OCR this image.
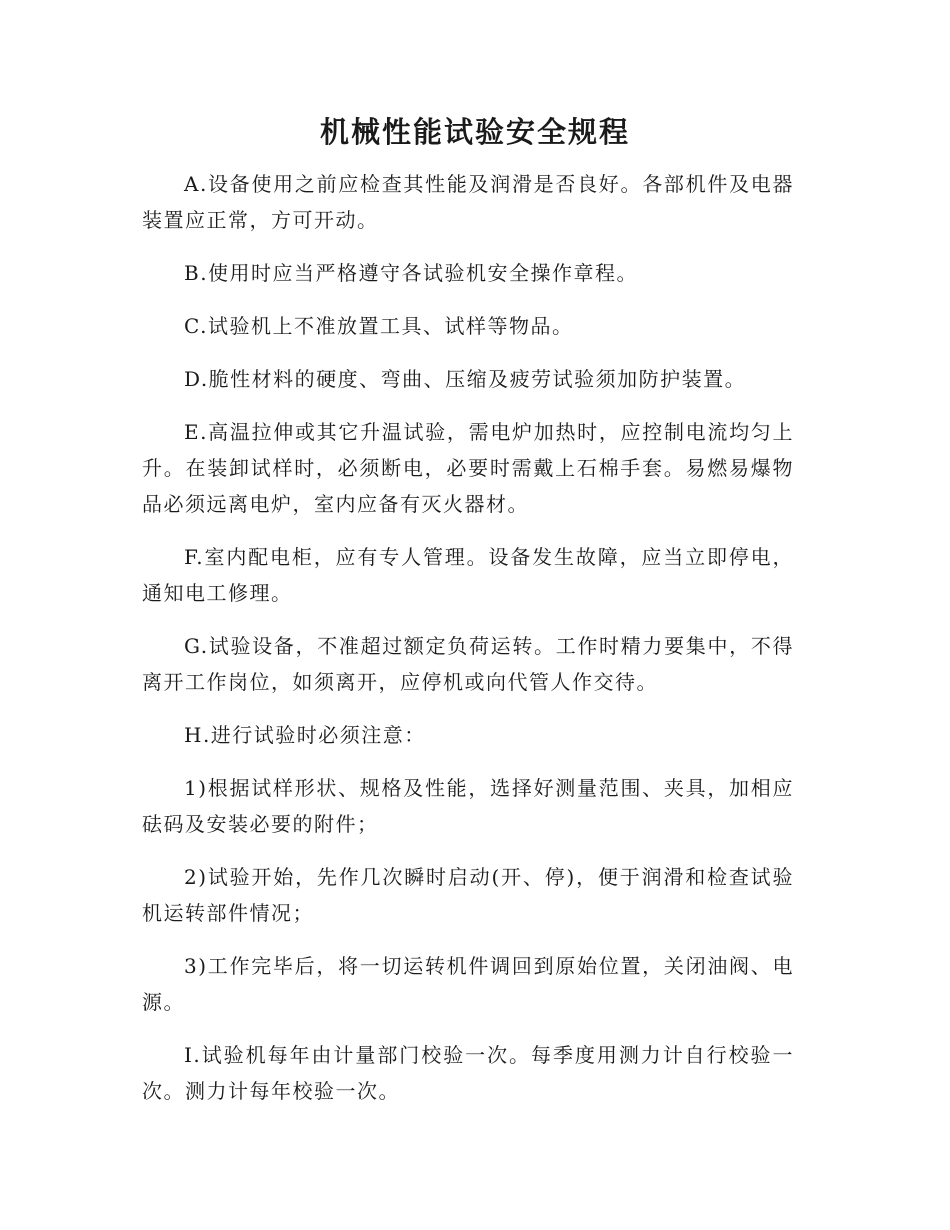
机械性能试验安全规程

A.设备使用之前应检查其性能及润滑是否良好。各部机件及电器装置应正常，方可开动。

B.使用时应当严格遵守各试验机安全操作章程。

C.试验机上不准放置工具、试样等物品。

D.脆性材料的硬度、弯曲、压缩及疲劳试验须加防护装置。

E.高温拉伸或其它升温试验，需电炉加热时，应控制电流均匀上升。在装卸试样时，必须断电，必要时需戴上石棉手套。易燃易爆物品必须远离电炉，室内应备有灭火器材。

F.室内配电柜，应有专人管理。设备发生故障，应当立即停电，通知电工修理。

G.试验设备，不准超过额定负荷运转。工作时精力要集中，不得离开工作岗位，如须离开，应停机或向代管人作交待。

H.进行试验时必须注意：

1)根据试样形状、规格及性能，选择好测量范围、夹具，加相应砝码及安装必要的附件；

2)试验开始，先作几次瞬时启动(开、停)，便于润滑和检查试验机运转部件情况；

3)工作完毕后，将一切运转机件调回到原始位置，关闭油阀、电源。

I.试验机每年由计量部门校验一次。每季度用测力计自行校验一次。测力计每年校验一次。
